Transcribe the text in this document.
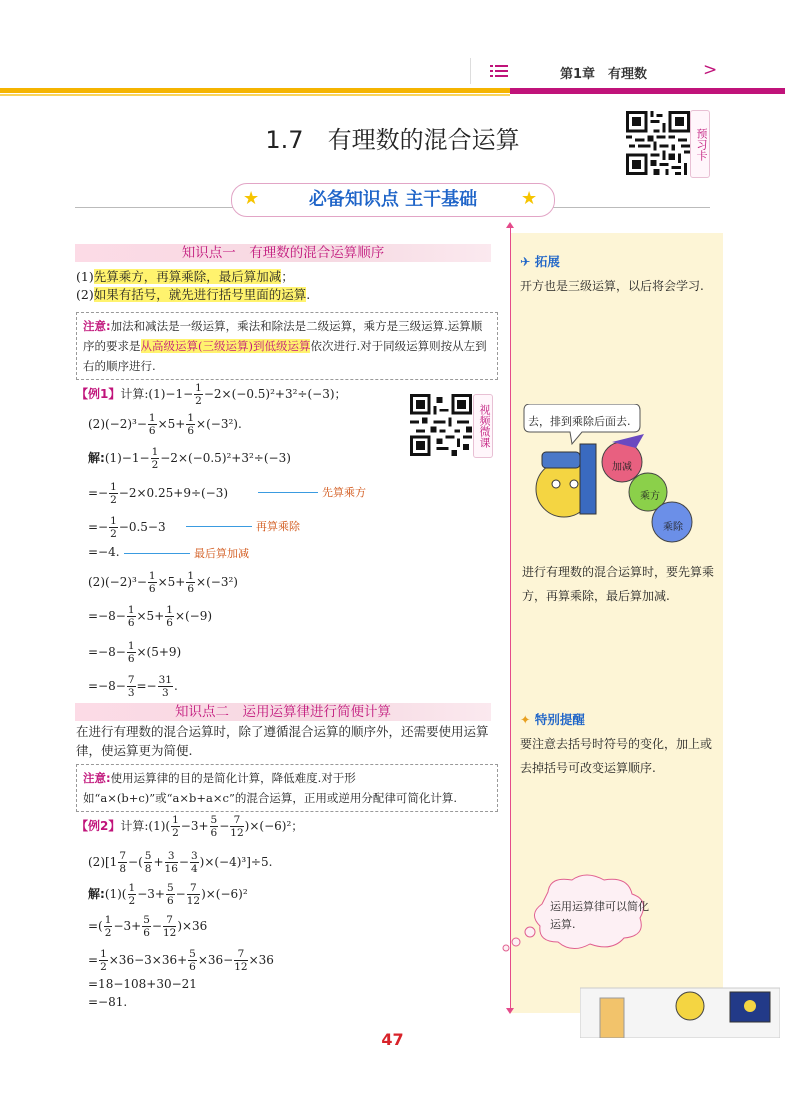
第1章　有理数	>
1.7　有理数的混合运算	预习卡
必备知识点 主干基础
★	★
✈ 拓展
开方也是三级运算，以后将会学习.
去，排到乘除后面去.
加减
乘方
乘除
进行有理数的混合运算时，要先算乘方，再算乘除，最后算加减.
✦ 特别提醒
要注意去括号时符号的变化，加上或去掉括号可改变运算顺序.
运用运算律可以简化运算.
知识点一　有理数的混合运算顺序
(1)先算乘方，再算乘除，最后算加减；
(2)如果有括号，就先进行括号里面的运算.
注意:加法和减法是一级运算，乘法和除法是二级运算，乘方是三级运算.运算顺序的要求是从高级运算(三级运算)到低级运算依次进行.对于同级运算则按从左到右的顺序进行.
【例1】计算:(1)−1− $\frac{1}{2} -2\times(-0.5)^2+3^2\div(-3)$；
视频微课
$(2)(-2)^3- \frac{1}{6} \times 5+ \frac{1}{6} \times(-3^2)$.
解:(1)−1− $\frac{1}{2} -2\times(-0.5)^2+3^2\div(-3)$
=− $\frac{1}{2} -2\times 0.25+9\div(-3)$	先算乘方
=− $\frac{1}{2} -0.5-3$	再算乘除
=−4.	最后算加减
$(2)(-2)^3- \frac{1}{6} \times 5+ \frac{1}{6} \times(-3^2)$
$=-8- \frac{1}{6} \times 5+ \frac{1}{6} \times(-9)$
$=-8- \frac{1}{6} \times(5+9)$
$=-8- \frac{7}{3} =- \frac{31}{3}$ .
知识点二　运用运算律进行简便计算
在进行有理数的混合运算时，除了遵循混合运算的顺序外，还需要使用运算律，使运算更为简便.
注意:使用运算律的目的是简化计算，降低难度.对于形如“a×(b+c)”或“a×b+a×c”的混合运算，正用或逆用分配律可简化计算.
【例2】计算:(1)( $\frac{1}{2} -3+ \frac{5}{6} - \frac{7}{12} )\times(-6)^2$；
$(2)[1 \frac{7}{8}$ −( $\frac{5}{8} + \frac{3}{16} - \frac{3}{4} )\times(-4)^3]\div 5$.
解:(1)( $\frac{1}{2} -3+ \frac{5}{6} - \frac{7}{12} )\times(-6)^2$
=( $\frac{1}{2} -3+ \frac{5}{6} - \frac{7}{12} )\times 36$
= $\frac{1}{2} \times 36-3\times 36+ \frac{5}{6} \times 36- \frac{7}{12} \times 36$
=18−108+30−21
=−81.
47
